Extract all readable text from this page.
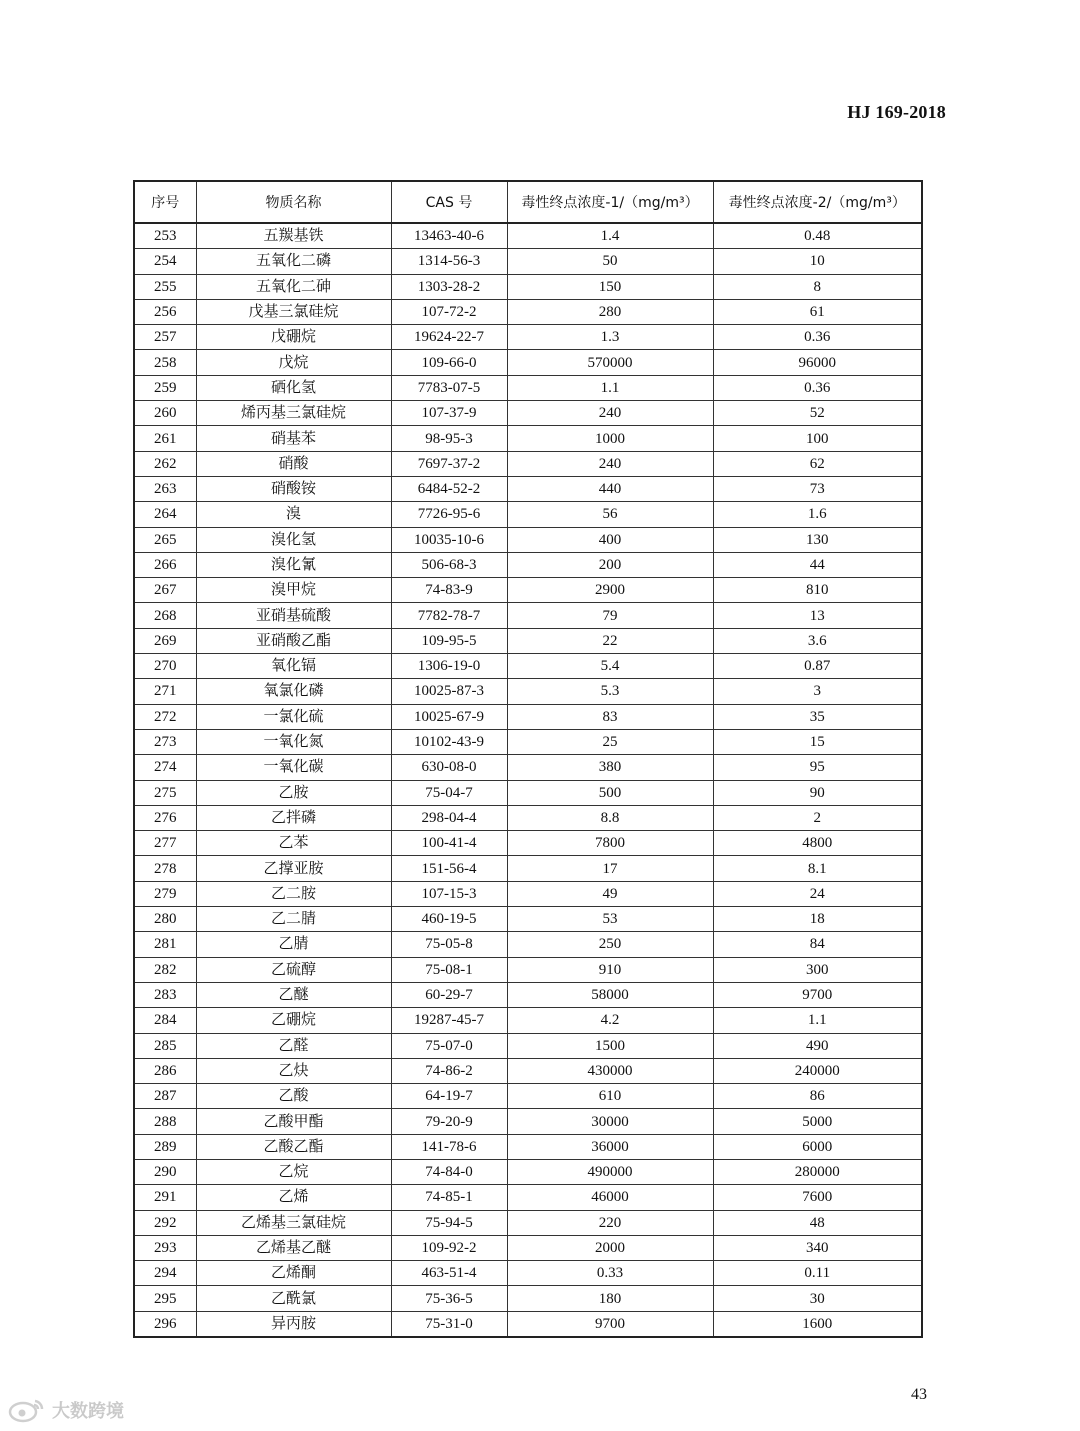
HJ 169-2018
序号	物质名称	CAS 号	毒性终点浓度-1/（mg/m³）	毒性终点浓度-2/（mg/m³）
253	五羰基铁	13463-40-6	1.4	0.48
254	五氧化二磷	1314-56-3	50	10
255	五氧化二砷	1303-28-2	150	8
256	戊基三氯硅烷	107-72-2	280	61
257	戊硼烷	19624-22-7	1.3	0.36
258	戊烷	109-66-0	570000	96000
259	硒化氢	7783-07-5	1.1	0.36
260	烯丙基三氯硅烷	107-37-9	240	52
261	硝基苯	98-95-3	1000	100
262	硝酸	7697-37-2	240	62
263	硝酸铵	6484-52-2	440	73
264	溴	7726-95-6	56	1.6
265	溴化氢	10035-10-6	400	130
266	溴化氰	506-68-3	200	44
267	溴甲烷	74-83-9	2900	810
268	亚硝基硫酸	7782-78-7	79	13
269	亚硝酸乙酯	109-95-5	22	3.6
270	氧化镉	1306-19-0	5.4	0.87
271	氧氯化磷	10025-87-3	5.3	3
272	一氯化硫	10025-67-9	83	35
273	一氧化氮	10102-43-9	25	15
274	一氧化碳	630-08-0	380	95
275	乙胺	75-04-7	500	90
276	乙拌磷	298-04-4	8.8	2
277	乙苯	100-41-4	7800	4800
278	乙撑亚胺	151-56-4	17	8.1
279	乙二胺	107-15-3	49	24
280	乙二腈	460-19-5	53	18
281	乙腈	75-05-8	250	84
282	乙硫醇	75-08-1	910	300
283	乙醚	60-29-7	58000	9700
284	乙硼烷	19287-45-7	4.2	1.1
285	乙醛	75-07-0	1500	490
286	乙炔	74-86-2	430000	240000
287	乙酸	64-19-7	610	86
288	乙酸甲酯	79-20-9	30000	5000
289	乙酸乙酯	141-78-6	36000	6000
290	乙烷	74-84-0	490000	280000
291	乙烯	74-85-1	46000	7600
292	乙烯基三氯硅烷	75-94-5	220	48
293	乙烯基乙醚	109-92-2	2000	340
294	乙烯酮	463-51-4	0.33	0.11
295	乙酰氯	75-36-5	180	30
296	异丙胺	75-31-0	9700	1600
43
大数跨境
